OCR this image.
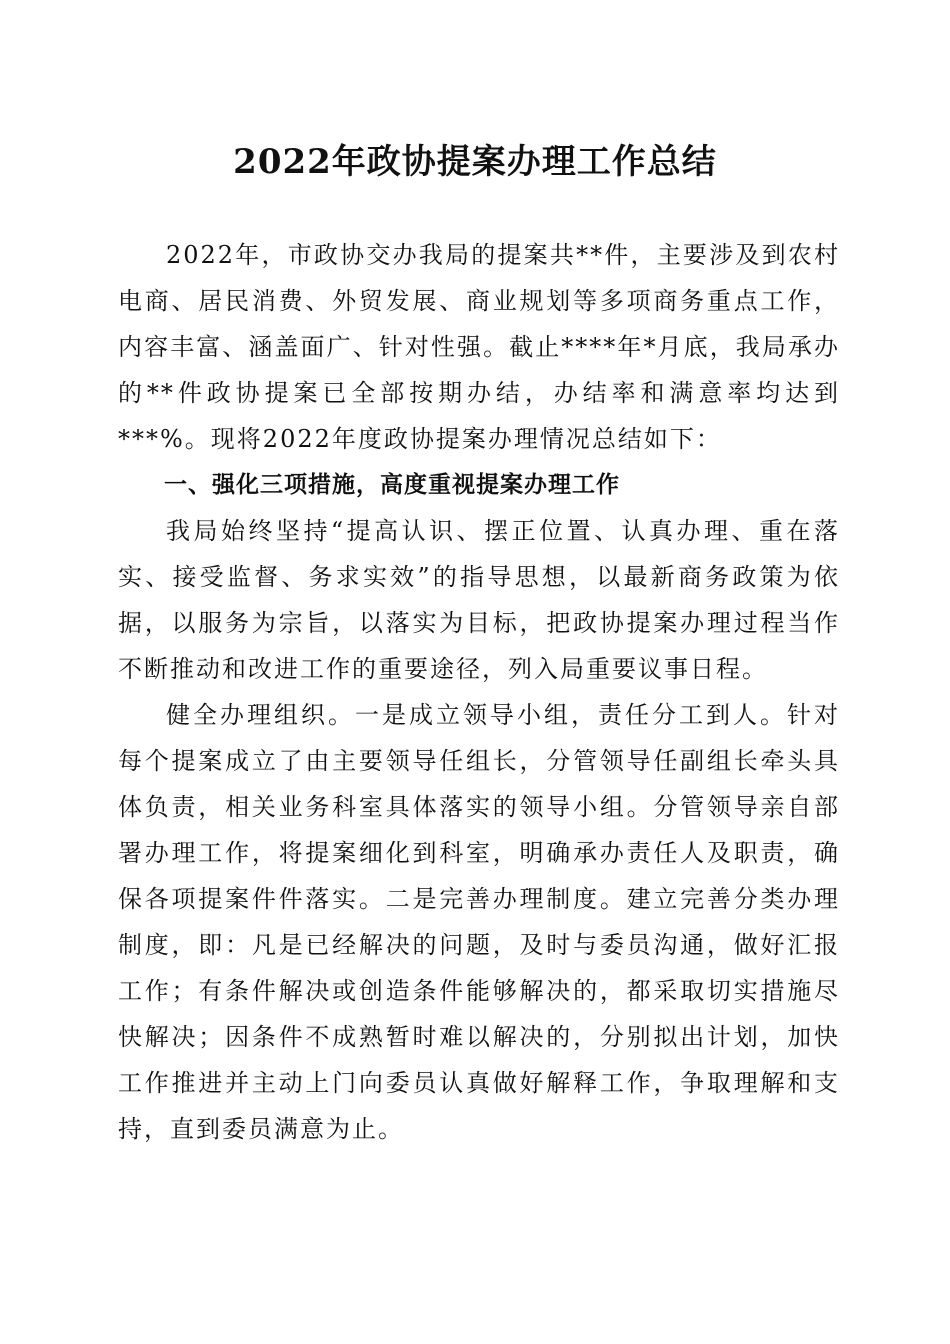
2022年政协提案办理工作总结

2022年，市政协交办我局的提案共**件，主要涉及到农村电商、居民消费、外贸发展、商业规划等多项商务重点工作，内容丰富、涵盖面广、针对性强。截止****年*月底，我局承办的**件政协提案已全部按期办结，办结率和满意率均达到***%。现将2022年度政协提案办理情况总结如下：

一、强化三项措施，高度重视提案办理工作

我局始终坚持“提高认识、摆正位置、认真办理、重在落实、接受监督、务求实效”的指导思想，以最新商务政策为依据，以服务为宗旨，以落实为目标，把政协提案办理过程当作不断推动和改进工作的重要途径，列入局重要议事日程。

健全办理组织。一是成立领导小组，责任分工到人。针对每个提案成立了由主要领导任组长，分管领导任副组长牵头具体负责，相关业务科室具体落实的领导小组。分管领导亲自部署办理工作，将提案细化到科室，明确承办责任人及职责，确保各项提案件件落实。二是完善办理制度。建立完善分类办理制度，即：凡是已经解决的问题，及时与委员沟通，做好汇报工作；有条件解决或创造条件能够解决的，都采取切实措施尽快解决；因条件不成熟暂时难以解决的，分别拟出计划，加快工作推进并主动上门向委员认真做好解释工作，争取理解和支持，直到委员满意为止。
